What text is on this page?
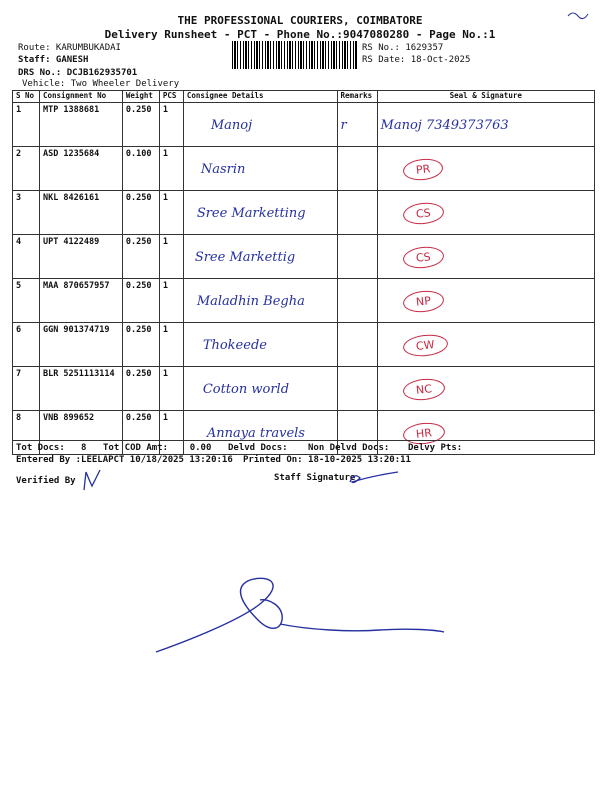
THE PROFESSIONAL COURIERS, COIMBATORE
Delivery Runsheet - PCT - Phone No.:9047080280 - Page No.:1
Route: KARUMBUKADAI
Staff: GANESH
DRS No.: DCJB162935701
Vehicle: Two Wheeler Delivery
RS No.: 1629357
RS Date: 18-Oct-2025
S No	Consignment No	Weight	PCS	Consignee Details	Remarks	Seal & Signature
1	MTP 1388681	0.250	1	Manoj	r	Manoj 7349373763
2	ASD 1235684	0.100	1	Nasrin		PR
3	NKL 8426161	0.250	1	Sree Marketting		CS
4	UPT 4122489	0.250	1	Sree Markettig		CS
5	MAA 870657957	0.250	1	Maladhin Begha		NP
6	GGN 901374719	0.250	1	Thokeede		CW
7	BLR 5251113114	0.250	1	Cotton world		NC
8	VNB 899652	0.250	1	Annaya travels		HR
Tot Docs:   8 Tot COD Amt:    0.00 Delvd Docs: Non Delvd Docs: Delvy Pts:
Entered By :LEELAPCT 10/18/2025 13:20:16 Printed On: 18-10-2025 13:20:11
Verified By	Staff Signature
